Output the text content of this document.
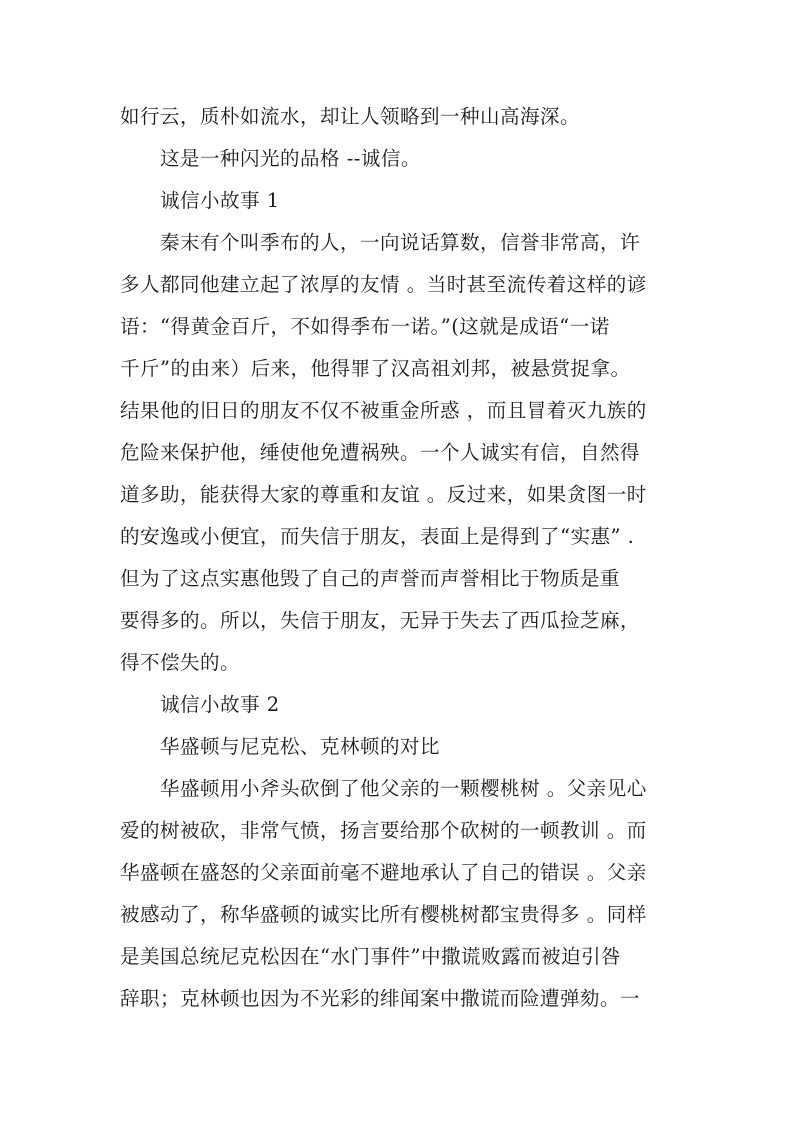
如行云，质朴如流水，却让人领略到一种山高海深。
这是一种闪光的品格 --诚信。
诚信小故事 1
秦末有个叫季布的人，一向说话算数，信誉非常高，许
多人都同他建立起了浓厚的友情 。当时甚至流传着这样的谚
语：“得黄金百斤，不如得季布一诺。”(这就是成语“一诺
千斤”的由来）后来，他得罪了汉高祖刘邦，被悬赏捉拿。
结果他的旧日的朋友不仅不被重金所惑 ，而且冒着灭九族的
危险来保护他，缍使他免遭祸殃。一个人诚实有信，自然得
道多助，能获得大家的尊重和友谊 。反过来，如果贪图一时
的安逸或小便宜，而失信于朋友，表面上是得到了“实惠” .
但为了这点实惠他毁了自己的声誉而声誉相比于物质是重
要得多的。所以，失信于朋友，无异于失去了西瓜捡芝麻，
得不偿失的。
诚信小故事 2
华盛顿与尼克松、克林顿的对比
华盛顿用小斧头砍倒了他父亲的一颗樱桃树 。父亲见心
爱的树被砍，非常气愤，扬言要给那个砍树的一顿教训 。而
华盛顿在盛怒的父亲面前毫不避地承认了自己的错误 。父亲
被感动了，称华盛顿的诚实比所有樱桃树都宝贵得多 。同样
是美国总统尼克松因在“水门事件”中撒谎败露而被迫引咎
辞职；克林顿也因为不光彩的绯闻案中撒谎而险遭弹劾。一
